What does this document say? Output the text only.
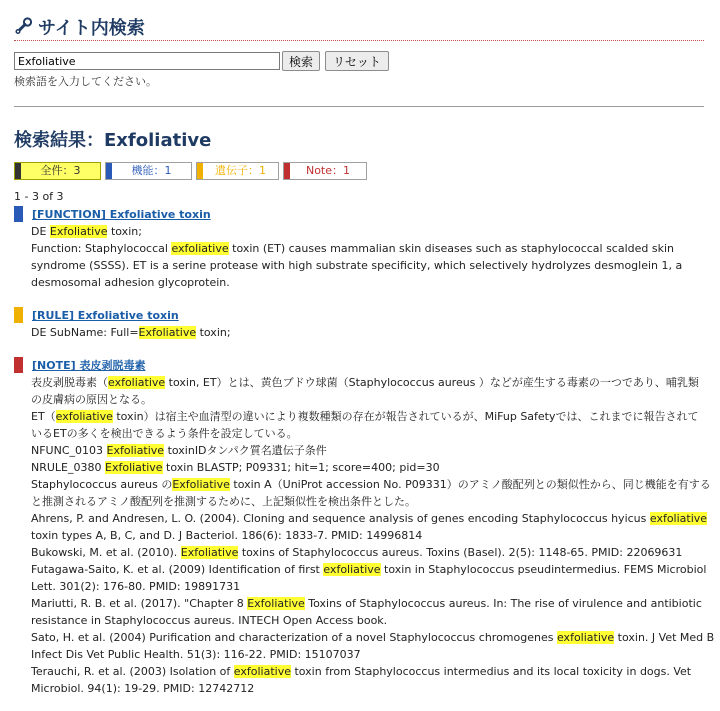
サイト内検索
Exfoliative
検索	リセット
検索語を入力してください。
検索結果：Exfoliative
全件：3	機能：1	遺伝子：1	Note：1
1 - 3 of 3
[FUNCTION] Exfoliative toxin
DE Exfoliative toxin;
Function: Staphylococcal exfoliative toxin (ET) causes mammalian skin diseases such as staphylococcal scalded skin
syndrome (SSSS). ET is a serine protease with high substrate specificity, which selectively hydrolyzes desmoglein 1, a
desmosomal adhesion glycoprotein.
[RULE] Exfoliative toxin
DE SubName: Full=Exfoliative toxin;
[NOTE] 表皮剥脱毒素
表皮剥脱毒素（exfoliative toxin, ET）とは、黄色ブドウ球菌（Staphylococcus aureus ）などが産生する毒素の一つであり、哺乳類
の皮膚病の原因となる。
ET（exfoliative toxin）は宿主や血清型の違いにより複数種類の存在が報告されているが、MiFup Safetyでは、これまでに報告されて
いるETの多くを検出できるよう条件を設定している。
NFUNC_0103 Exfoliative toxinIDタンパク質名遺伝子条件
NRULE_0380 Exfoliative toxin BLASTP; P09331; hit=1; score=400; pid=30
Staphylococcus aureus のExfoliative toxin A（UniProt accession No. P09331）のアミノ酸配列との類似性から、同じ機能を有する
と推測されるアミノ酸配列を推測するために、上記類似性を検出条件とした。
Ahrens, P. and Andresen, L. O. (2004). Cloning and sequence analysis of genes encoding Staphylococcus hyicus exfoliative
toxin types A, B, C, and D. J Bacteriol. 186(6): 1833-7. PMID: 14996814
Bukowski, M. et al. (2010). Exfoliative toxins of Staphylococcus aureus. Toxins (Basel). 2(5): 1148-65. PMID: 22069631
Futagawa-Saito, K. et al. (2009) Identification of first exfoliative toxin in Staphylococcus pseudintermedius. FEMS Microbiol
Lett. 301(2): 176-80. PMID: 19891731
Mariutti, R. B. et al. (2017). "Chapter 8 Exfoliative Toxins of Staphylococcus aureus. In: The rise of virulence and antibiotic
resistance in Staphylococcus aureus. INTECH Open Access book.
Sato, H. et al. (2004) Purification and characterization of a novel Staphylococcus chromogenes exfoliative toxin. J Vet Med B
Infect Dis Vet Public Health. 51(3): 116-22. PMID: 15107037
Terauchi, R. et al. (2003) Isolation of exfoliative toxin from Staphylococcus intermedius and its local toxicity in dogs. Vet
Microbiol. 94(1): 19-29. PMID: 12742712
